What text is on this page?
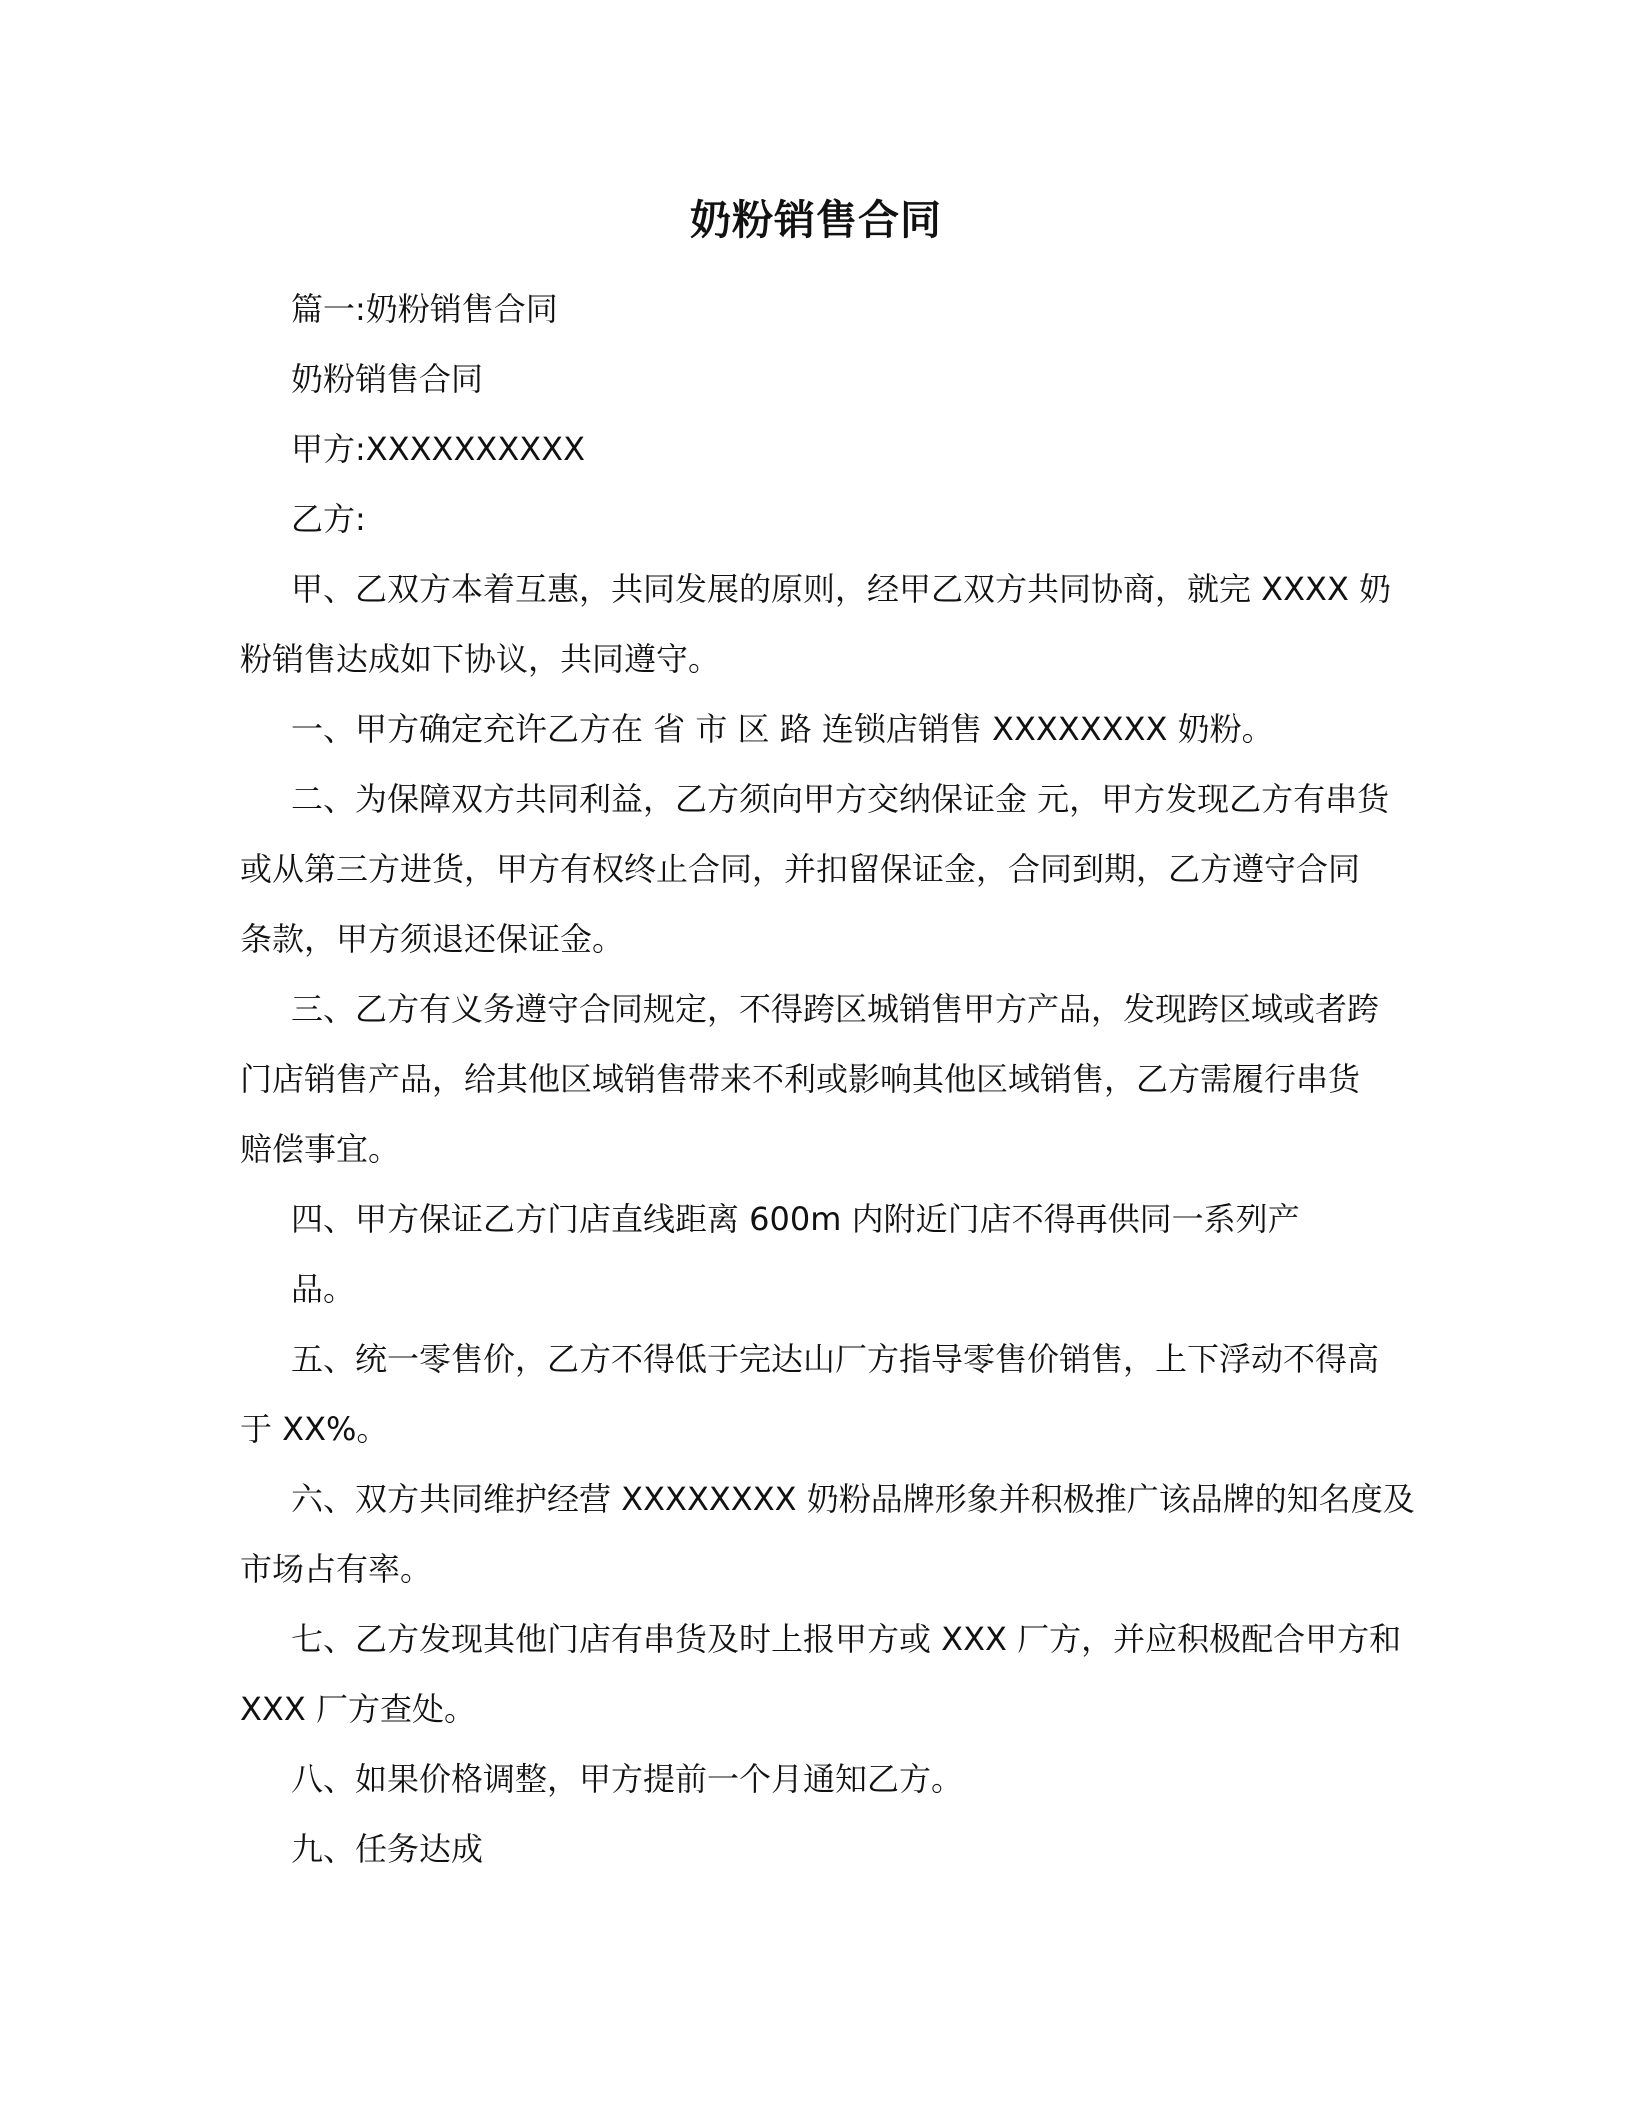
奶粉销售合同
篇一:奶粉销售合同
奶粉销售合同
甲方:XXXXXXXXXX
乙方:
甲、乙双方本着互惠，共同发展的原则，经甲乙双方共同协商，就完 XXXX 奶
粉销售达成如下协议，共同遵守。
一、甲方确定充许乙方在 省 市 区 路 连锁店销售 XXXXXXXX 奶粉。
二、为保障双方共同利益，乙方须向甲方交纳保证金 元，甲方发现乙方有串货
或从第三方进货，甲方有权终止合同，并扣留保证金，合同到期，乙方遵守合同
条款，甲方须退还保证金。
三、乙方有义务遵守合同规定，不得跨区城销售甲方产品，发现跨区域或者跨
门店销售产品，给其他区域销售带来不利或影响其他区域销售，乙方需履行串货
赔偿事宜。
四、甲方保证乙方门店直线距离 600m 内附近门店不得再供同一系列产
品。
五、统一零售价，乙方不得低于完达山厂方指导零售价销售，上下浮动不得高
于 XX%。
六、双方共同维护经营 XXXXXXXX 奶粉品牌形象并积极推广该品牌的知名度及
市场占有率。
七、乙方发现其他门店有串货及时上报甲方或 XXX 厂方，并应积极配合甲方和
XXX 厂方查处。
八、如果价格调整，甲方提前一个月通知乙方。
九、任务达成
